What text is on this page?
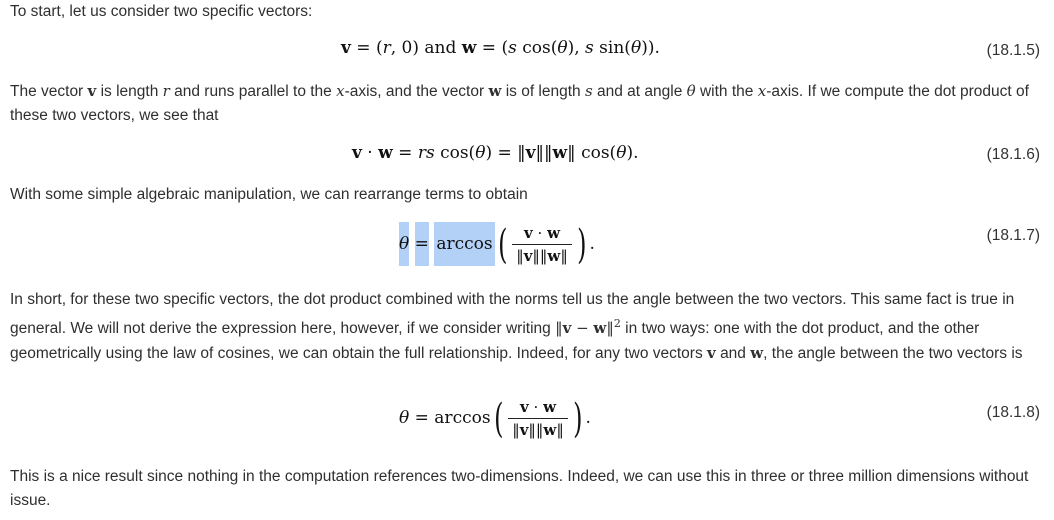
To start, let us consider two specific vectors:
v = (r, 0) and w = (s cos(θ), s sin(θ)).	(18.1.5)
The vector v is length r and runs parallel to the x-axis, and the vector w is of length s and at angle θ with the x-axis. If we compute the dot product of these two vectors, we see that
v · w = rs cos(θ) = ‖v‖‖w‖ cos(θ).	(18.1.6)
With some simple algebraic manipulation, we can rearrange terms to obtain
θ = arccos ( $\frac{v \cdot w}{‖v‖‖w‖}$ ) .	(18.1.7)
In short, for these two specific vectors, the dot product combined with the norms tell us the angle between the two vectors. This same fact is true in general. We will not derive the expression here, however, if we consider writing ‖v − w‖$^2$ in two ways: one with the dot product, and the other geometrically using the law of cosines, we can obtain the full relationship. Indeed, for any two vectors v and w, the angle between the two vectors is
$\theta = \arccos( \frac{v \cdot w}{‖v‖‖w‖}$ ) .	(18.1.8)
This is a nice result since nothing in the computation references two-dimensions. Indeed, we can use this in three or three million dimensions without issue.
